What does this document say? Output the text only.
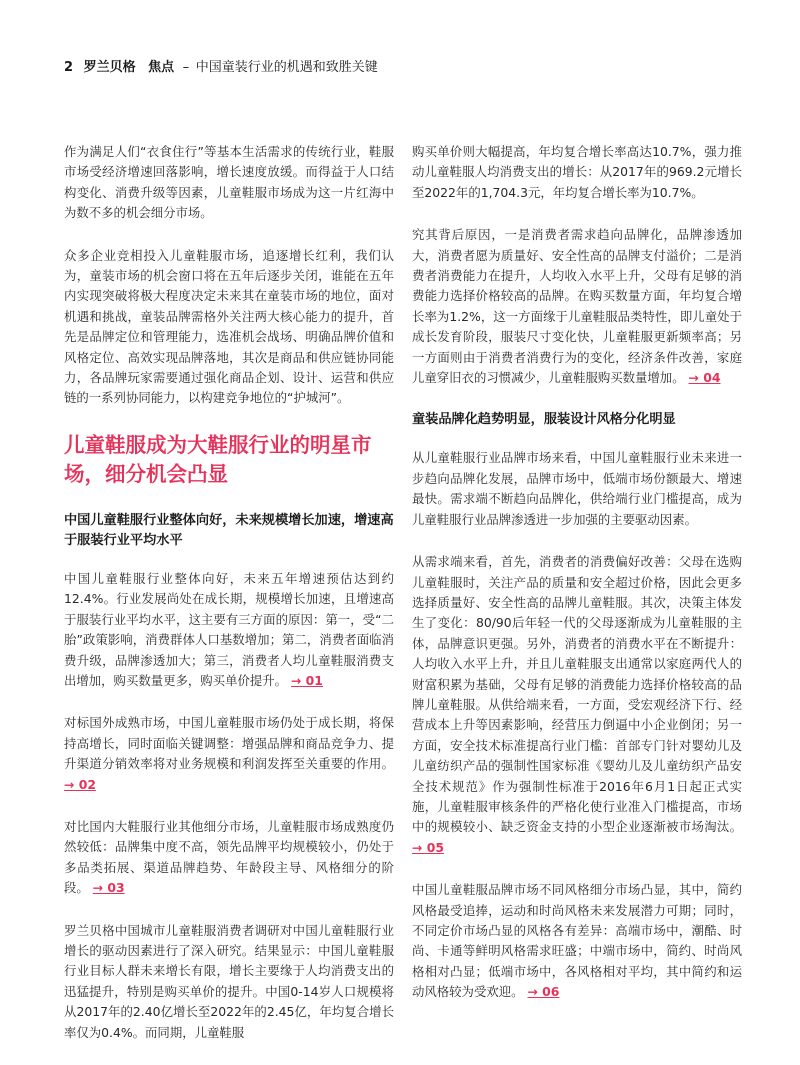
2 罗兰贝格 焦点 – 中国童装行业的机遇和致胜关键

作为满足人们“衣食住行”等基本生活需求的传统行业，鞋服市场受经济增速回落影响，增长速度放缓。而得益于人口结构变化、消费升级等因素，儿童鞋服市场成为这一片红海中为数不多的机会细分市场。

众多企业竞相投入儿童鞋服市场，追逐增长红利，我们认为，童装市场的机会窗口将在五年后逐步关闭，谁能在五年内实现突破将极大程度决定未来其在童装市场的地位，面对机遇和挑战，童装品牌需格外关注两大核心能力的提升，首先是品牌定位和管理能力，选准机会战场、明确品牌价值和风格定位、高效实现品牌落地，其次是商品和供应链协同能力，各品牌玩家需要通过强化商品企划、设计、运营和供应链的一系列协同能力，以构建竞争地位的“护城河”。

儿童鞋服成为大鞋服行业的明星市场，细分机会凸显
中国儿童鞋服行业整体向好，未来规模增长加速，增速高于服装行业平均水平

中国儿童鞋服行业整体向好，未来五年增速预估达到约12.4%。行业发展尚处在成长期，规模增长加速，且增速高于服装行业平均水平，这主要有三方面的原因：第一，受“二胎”政策影响，消费群体人口基数增加；第二，消费者面临消费升级，品牌渗透加大；第三，消费者人均儿童鞋服消费支出增加，购买数量更多，购买单价提升。 → 01

对标国外成熟市场，中国儿童鞋服市场仍处于成长期，将保持高增长，同时面临关键调整：增强品牌和商品竞争力、提升渠道分销效率将对业务规模和利润发挥至关重要的作用。 → 02

对比国内大鞋服行业其他细分市场，儿童鞋服市场成熟度仍然较低：品牌集中度不高，领先品牌平均规模较小，仍处于多品类拓展、渠道品牌趋势、年龄段主导、风格细分的阶段。 → 03

罗兰贝格中国城市儿童鞋服消费者调研对中国儿童鞋服行业增长的驱动因素进行了深入研究。结果显示：中国儿童鞋服行业目标人群未来增长有限，增长主要缘于人均消费支出的迅猛提升，特别是购买单价的提升。中国0-14岁人口规模将从2017年的2.40亿增长至2022年的2.45亿，年均复合增长率仅为0.4%。而同期，儿童鞋服

购买单价则大幅提高，年均复合增长率高达10.7%，强力推动儿童鞋服人均消费支出的增长：从2017年的969.2元增长至2022年的1,704.3元，年均复合增长率为10.7%。

究其背后原因，一是消费者需求趋向品牌化，品牌渗透加大，消费者愿为质量好、安全性高的品牌支付溢价；二是消费者消费能力在提升，人均收入水平上升，父母有足够的消费能力选择价格较高的品牌。在购买数量方面，年均复合增长率为1.2%，这一方面缘于儿童鞋服品类特性，即儿童处于成长发育阶段，服装尺寸变化快，儿童鞋服更新频率高；另一方面则由于消费者消费行为的变化，经济条件改善，家庭儿童穿旧衣的习惯减少，儿童鞋服购买数量增加。 → 04

童装品牌化趋势明显，服装设计风格分化明显

从儿童鞋服行业品牌市场来看，中国儿童鞋服行业未来进一步趋向品牌化发展，品牌市场中，低端市场份额最大、增速最快。需求端不断趋向品牌化，供给端行业门槛提高，成为儿童鞋服行业品牌渗透进一步加强的主要驱动因素。

从需求端来看，首先，消费者的消费偏好改善：父母在选购儿童鞋服时，关注产品的质量和安全超过价格，因此会更多选择质量好、安全性高的品牌儿童鞋服。其次，决策主体发生了变化：80/90后年轻一代的父母逐渐成为儿童鞋服的主体，品牌意识更强。另外，消费者的消费水平在不断提升：人均收入水平上升，并且儿童鞋服支出通常以家庭两代人的财富积累为基础，父母有足够的消费能力选择价格较高的品牌儿童鞋服。从供给端来看，一方面，受宏观经济下行、经营成本上升等因素影响，经营压力倒逼中小企业倒闭；另一方面，安全技术标准提高行业门槛：首部专门针对婴幼儿及儿童纺织产品的强制性国家标准《婴幼儿及儿童纺织产品安全技术规范》作为强制性标准于2016年6月1日起正式实施，儿童鞋服审核条件的严格化使行业准入门槛提高，市场中的规模较小、缺乏资金支持的小型企业逐渐被市场淘汰。 → 05

中国儿童鞋服品牌市场不同风格细分市场凸显，其中，简约风格最受追捧，运动和时尚风格未来发展潜力可期；同时，不同定价市场凸显的风格各有差异：高端市场中，潮酷、时尚、卡通等鲜明风格需求旺盛；中端市场中，简约、时尚风格相对凸显；低端市场中，各风格相对平均，其中简约和运动风格较为受欢迎。 → 06
